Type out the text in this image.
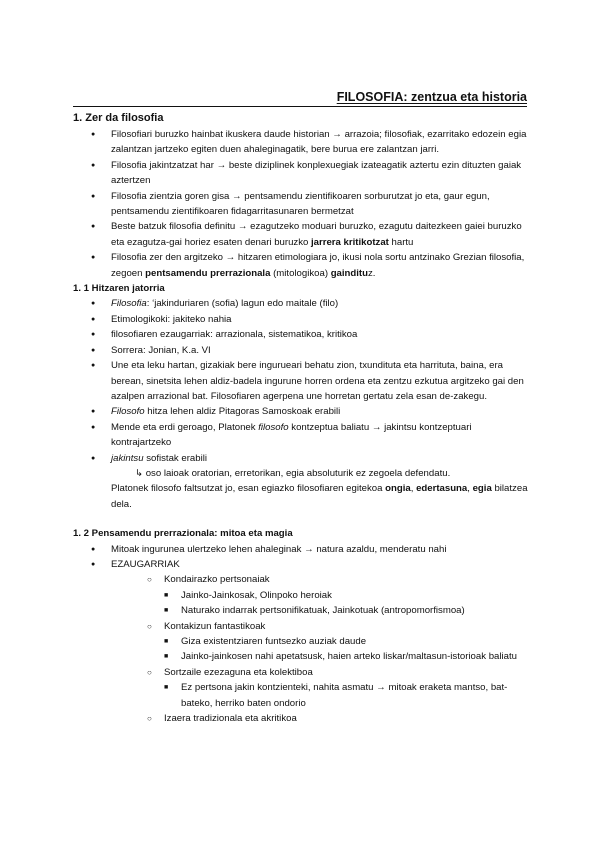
FILOSOFIA: zentzua eta historia
1. Zer da filosofia
● Filosofiari buruzko hainbat ikuskera daude historian → arrazoia; filosofiak, ezarritako edozein egia zalantzan jartzeko egiten duen ahaleginagatik, bere burua ere zalantzan jarri.
● Filosofia jakintzatzat har → beste diziplinek konplexuegiak izateagatik aztertu ezin dituzten gaiak aztertzen
● Filosofia zientzia goren gisa → pentsamendu zientifikoaren sorburutzat jo eta, gaur egun, pentsamendu zientifikoaren fidagarritasunaren bermetzat
● Beste batzuk filosofia definitu → ezagutzeko moduari buruzko, ezagutu daitezkeen gaiei buruzko eta ezagutza-gai horiez esaten denari buruzko jarrera kritikotzat hartu
● Filosofia zer den argitzeko → hitzaren etimologiara jo, ikusi nola sortu antzinako Grezian filosofia, zegoen pentsamendu prerrazionala (mitologikoa) gaindituz.
1. 1 Hitzaren jatorria
● Filosofia: ‘jakinduriaren (sofia) lagun edo maitale (filo)
● Etimologikoki: jakiteko nahia
● filosofiaren ezaugarriak: arrazionala, sistematikoa, kritikoa
● Sorrera: Jonian, K.a. VI
● Une eta leku hartan, gizakiak bere ingurueari behatu zion, txundituta eta harrituta, baina, era berean, sinetsita lehen aldiz-badela ingurune horren ordena eta zentzu ezkutua argitzeko gai den azalpen arrazional bat. Filosofiaren agerpena une horretan gertatu zela esan de-zakegu.
● Filosofo hitza lehen aldiz Pitagoras Samoskoak erabili
● Mende eta erdi geroago, Platonek filosofo kontzeptua baliatu → jakintsu kontzeptuari kontrajartzeko
● jakintsu sofistak erabili
↳ oso laioak oratorian, erretorikan, egia absoluturik ez zegoela defendatu.
Platonek filosofo faltsutzat jo, esan egiazko filosofiaren egitekoa ongia, edertasuna, egia bilatzea dela.
1. 2 Pensamendu prerrazionala: mitoa eta magia
● Mitoak ingurunea ulertzeko lehen ahaleginak → natura azaldu, menderatu nahi
● EZAUGARRIAK
○ Kondairazko pertsonaiak
■ Jainko-Jainkosak, Olinpoko heroiak
■ Naturako indarrak pertsonifikatuak, Jainkotuak (antropomorfismoa)
○ Kontakizun fantastikoak
■ Giza existentziaren funtsezko auziak daude
■ Jainko-jainkosen nahi apetatsusk, haien arteko liskar/maltasun-istorioak baliatu
○ Sortzaile ezezaguna eta kolektiboa
■ Ez pertsona jakin kontzienteki, nahita asmatu → mitoak eraketa mantso, bat-bateko, herriko baten ondorio
○ Izaera tradizionala eta akritikoa
